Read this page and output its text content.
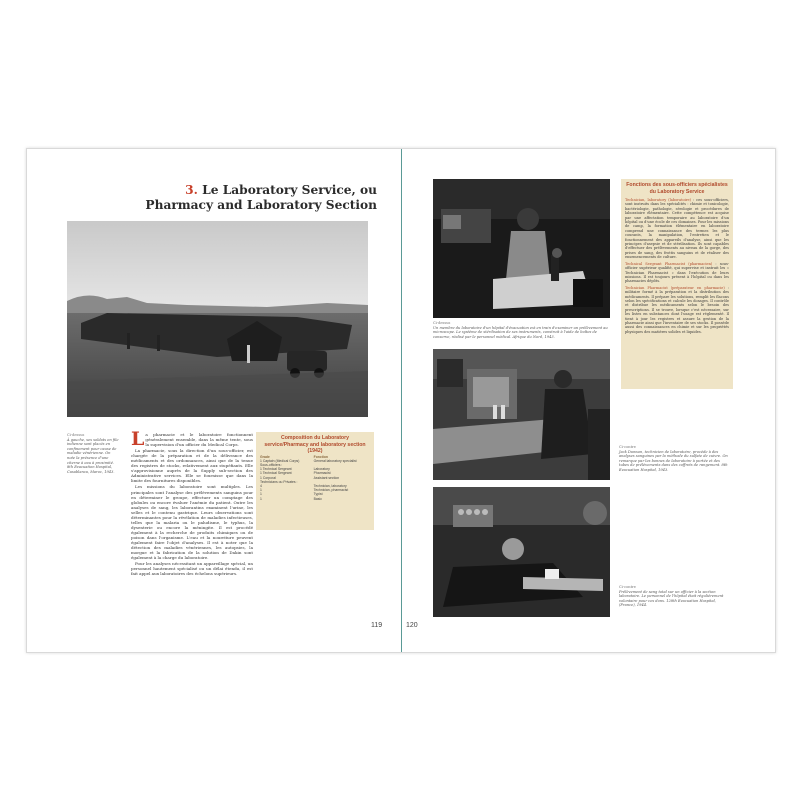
3. Le Laboratory Service, ou
Pharmacy and Laboratory Section
Ci-dessus
À gauche, ses soldats en file indienne sont placés en confinement pour cause de maladie vénérienne. On note la présence d'une citerne à eau à proximité. 8th Evacuation Hospital, Casablanca, Maroc, 1943.

La pharmacie et le laboratoire fonctionnent généralement ensemble, dans la même tente, sous la supervision d'un officier du Medical Corps.

La pharmacie, sous la direction d'un sous-officier, est chargée de la préparation et de la délivrance des médicaments et des ordonnances, ainsi que de la tenue des registres de stocks, relativement aux stupéfiants. Elle s'approvisionne auprès de la Supply sub-section des Administrative services. Elle se fournisse que dans la limite des fournitures disponibles.

Les missions du laboratoire sont multiples. Les principales sont l'analyse des prélèvements sanguins pour en déterminer le groupe, effectuer un comptage des globules ou encore évaluer l'anémie du patient. Outre les analyses de sang, les laborantins examinent l'urine, les selles et le contenu gastrique. Leurs observations sont déterminantes pour la révélation de maladies infectieuses, telles que la malaria ou le paludisme, le typhus, la dysenterie ou encore la méningite. Il est procédé également à la recherche de produits chimiques ou de poison dans l'organisme. L'eau et la nourriture peuvent également faire l'objet d'analyses. Il est à noter que la détection des maladies vénériennes, les autopsies, la morgue et la fabrication de la solution de Dakin sont également à la charge du laboratoire.

Pour les analyses nécessitant un appareillage spécial, un personnel hautement spécialisé ou un délai étendu, il est fait appel aux laboratoires des échelons supérieurs.

Composition du Laboratory service/Pharmacy and laboratory section (1942)
Grade	Fonction
1 Captain (Medical Corps)	General laboratory specialist
Sous-officiers :	
1 Technical Sergeant	Laboratory
1 Technical Sergeant	Pharmacist
1 Corporal	Assistant section
Technicians ou Privates :	
4	Technician, laboratory
1	Technician, pharmacist
1	Typist
1	Basic
119
Ci-dessus
Un membre du laboratoire d'un hôpital d'évacuation est en train d'examiner un prélèvement au microscope. Le système de stérilisation de ses instruments, construit à l'aide de boîtes de conserve, réalisé par le personnel médical. Afrique du Nord, 1943.
Fonctions des sous-officiers spécialistes du Laboratory Service

Technician, laboratory (laboratoire) : ces sous-officiers, sont instruits dans les spécialités : chimie et toxicologie, bactériologie, pathologie, sérologie et procédures de laboratoire élémentaire. Cette compétence est acquise par une affectation temporaire au laboratoire d'un hôpital ou d'une école de ces domaines. Pour les missions de camp, la formation élémentaire en laboratoire comprend une connaissance des termes les plus courants, la manipulation, l'entretien et le fonctionnement des appareils d'analyse, ainsi que les principes d'asepsie et de stérilisation. Ils sont capables d'effectuer des prélèvements au niveau de la gorge, des prises de sang, des frottis sanguins et de réaliser des ensemencements de culture.

Technical Sergeant Pharmacist (pharmacien) : sous-officier supérieur qualifié, qui supervise et instruit les « Technician Pharmacist » dans l'exécution de leurs missions. Il est toujours présent à l'hôpital ou dans les pharmacies dépôts.

Technician Pharmacist (préparateur en pharmacie) : militaire formé à la préparation et la distribution des médicaments. Il prépare les solutions, remplit les flacons selon les spécifications et calcule les dosages. Il contrôle et distribue les médicaments selon le besoin des prescriptions. Il se trouve, lorsque c'est nécessaire, sur les listes en substances dont l'usage est réglementé. Il tient à jour les registres et assure la gestion de la pharmacie ainsi que l'inventaire de ses stocks. Il possède aussi des connaissances en chimie et sur les propriétés physiques des matières solides et liquides.

Ci-contre
Jack Dawson, technicien de laboratoire, procède à des analyses sanguines par la méthode du sulfate de cuivre. On remarque par les bonnes de laboratoire à portée et des tubes de prélèvements dans des coffrets de rangement. 8th Evacuation Hospital, 1943.
Ci-contre
Prélèvement de sang total sur un officier à la section laboratoire. Le personnel de l'hôpital était régulièrement volontaire pour ces dons. 128th Evacuation Hospital, (France), 1944.
120
